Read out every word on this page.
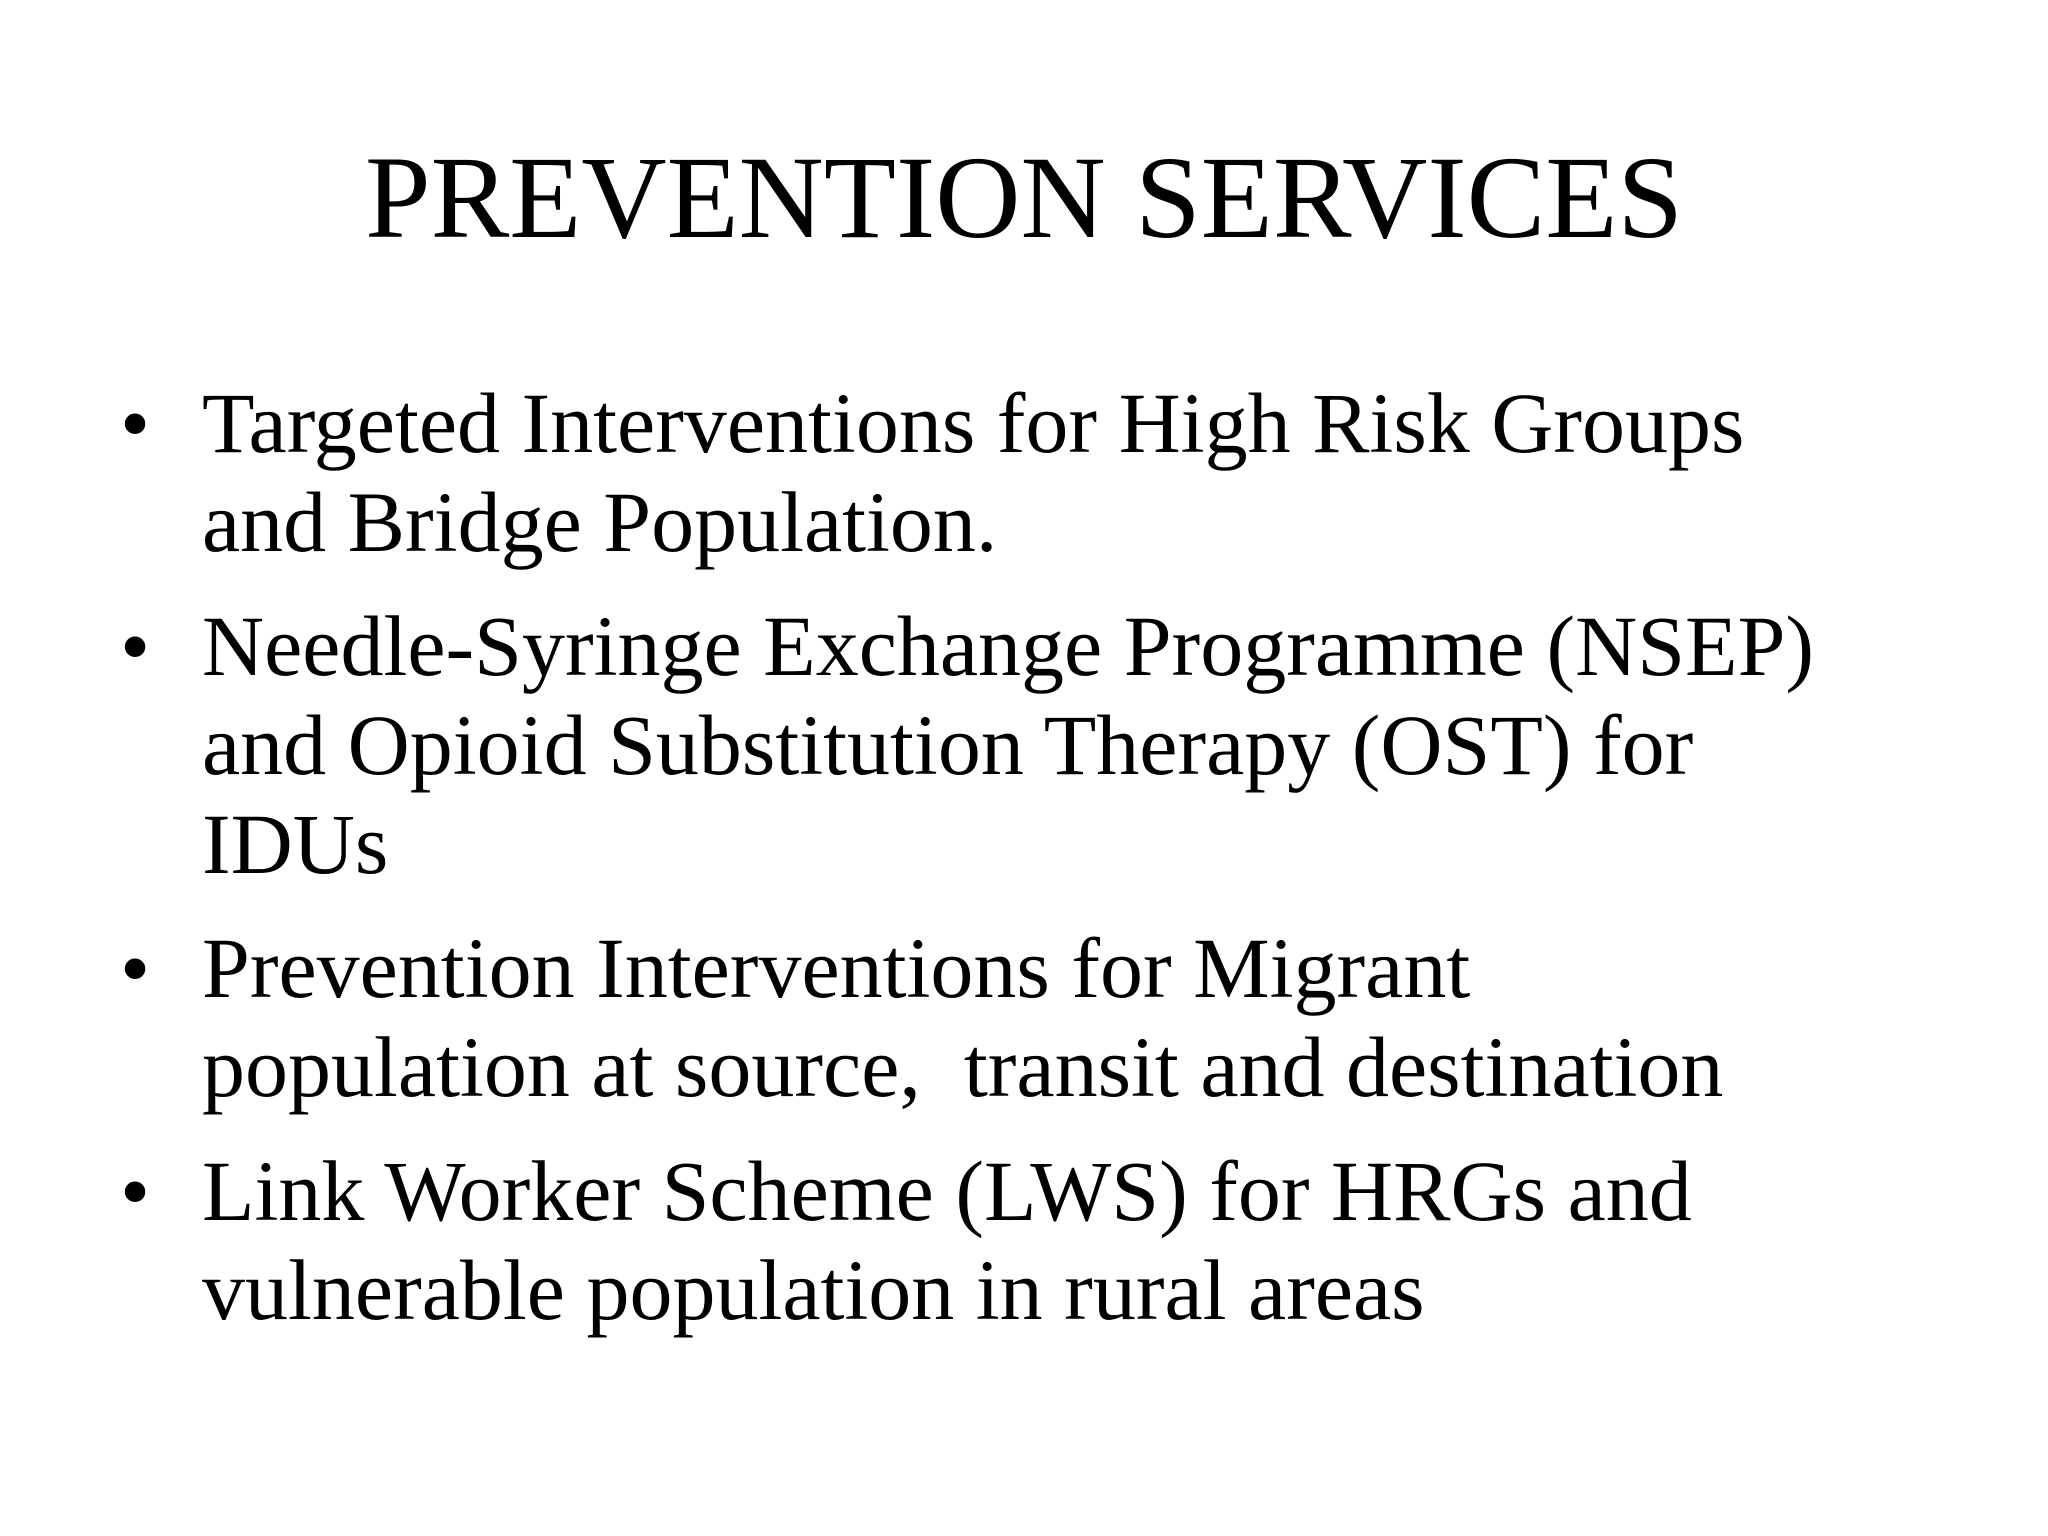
PREVENTION SERVICES
• Targeted Interventions for High Risk Groups
and Bridge Population.
• Needle-Syringe Exchange Programme (NSEP)
and Opioid Substitution Therapy (OST) for
IDUs
• Prevention Interventions for Migrant
population at source,  transit and destination
• Link Worker Scheme (LWS) for HRGs and
vulnerable population in rural areas
